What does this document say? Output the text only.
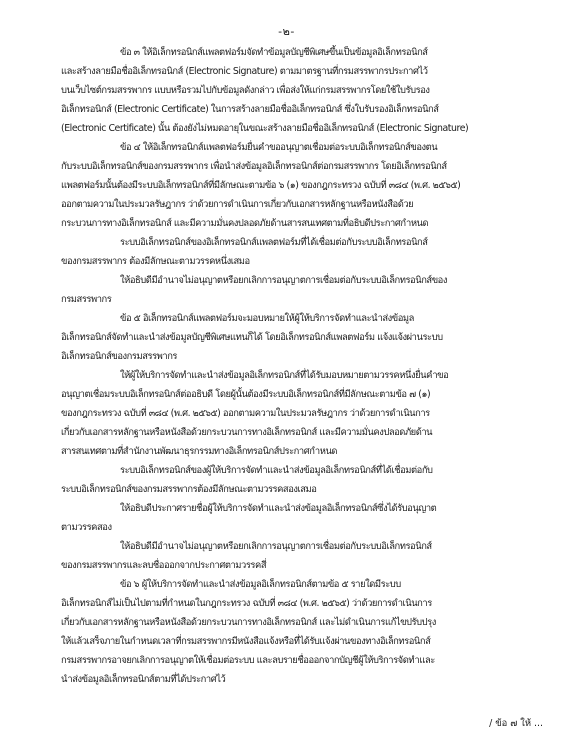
-๒-
ข้อ ๓ ให้อิเล็กทรอนิกส์แพลตฟอร์มจัดทำข้อมูลบัญชีพิเศษขึ้นเป็นข้อมูลอิเล็กทรอนิกส์
และสร้างลายมือชื่ออิเล็กทรอนิกส์ (Electronic Signature) ตามมาตรฐานที่กรมสรรพากรประกาศไว้
บนเว็บไซต์กรมสรรพากร แบบหรือรวมไปกับข้อมูลดังกล่าว เพื่อส่งให้แก่กรมสรรพากรโดยใช้ใบรับรอง
อิเล็กทรอนิกส์ (Electronic Certificate) ในการสร้างลายมือชื่ออิเล็กทรอนิกส์ ซึ่งใบรับรองอิเล็กทรอนิกส์
(Electronic Certificate) นั้น ต้องยังไม่หมดอายุในขณะสร้างลายมือชื่ออิเล็กทรอนิกส์ (Electronic Signature)
ข้อ ๔ ให้อิเล็กทรอนิกส์แพลตฟอร์มยื่นคำขออนุญาตเชื่อมต่อระบบอิเล็กทรอนิกส์ของตน
กับระบบอิเล็กทรอนิกส์ของกรมสรรพากร เพื่อนำส่งข้อมูลอิเล็กทรอนิกส์ต่อกรมสรรพากร โดยอิเล็กทรอนิกส์
แพลตฟอร์มนั้นต้องมีระบบอิเล็กทรอนิกส์ที่มีลักษณะตามข้อ ๖ (๑) ของกฎกระทรวง ฉบับที่ ๓๘๔ (พ.ศ. ๒๕๖๕)
ออกตามความในประมวลรัษฎากร ว่าด้วยการดำเนินการเกี่ยวกับเอกสารหลักฐานหรือหนังสือด้วย
กระบวนการทางอิเล็กทรอนิกส์ และมีความมั่นคงปลอดภัยด้านสารสนเทศตามที่อธิบดีประกาศกำหนด
ระบบอิเล็กทรอนิกส์ของอิเล็กทรอนิกส์แพลตฟอร์มที่ได้เชื่อมต่อกับระบบอิเล็กทรอนิกส์
ของกรมสรรพากร ต้องมีลักษณะตามวรรคหนึ่งเสมอ
ให้อธิบดีมีอำนาจไม่อนุญาตหรือยกเลิกการอนุญาตการเชื่อมต่อกับระบบอิเล็กทรอนิกส์ของ
กรมสรรพากร
ข้อ ๕ อิเล็กทรอนิกส์แพลตฟอร์มจะมอบหมายให้ผู้ให้บริการจัดทำและนำส่งข้อมูล
อิเล็กทรอนิกส์จัดทำและนำส่งข้อมูลบัญชีพิเศษแทนก็ได้ โดยอิเล็กทรอนิกส์แพลตฟอร์ม แจ้งแจ้งผ่านระบบ
อิเล็กทรอนิกส์ของกรมสรรพากร
ให้ผู้ให้บริการจัดทำและนำส่งข้อมูลอิเล็กทรอนิกส์ที่ได้รับมอบหมายตามวรรคหนึ่งยื่นคำขอ
อนุญาตเชื่อมระบบอิเล็กทรอนิกส์ต่ออธิบดี โดยผู้นั้นต้องมีระบบอิเล็กทรอนิกส์ที่มีลักษณะตามข้อ ๗ (๑)
ของกฎกระทรวง ฉบับที่ ๓๘๔ (พ.ศ. ๒๕๖๕) ออกตามความในประมวลรัษฎากร ว่าด้วยการดำเนินการ
เกี่ยวกับเอกสารหลักฐานหรือหนังสือด้วยกระบวนการทางอิเล็กทรอนิกส์ และมีความมั่นคงปลอดภัยด้าน
สารสนเทศตามที่สำนักงานพัฒนาธุรกรรมทางอิเล็กทรอนิกส์ประกาศกำหนด
ระบบอิเล็กทรอนิกส์ของผู้ให้บริการจัดทำและนำส่งข้อมูลอิเล็กทรอนิกส์ที่ได้เชื่อมต่อกับ
ระบบอิเล็กทรอนิกส์ของกรมสรรพากรต้องมีลักษณะตามวรรคสองเสมอ
ให้อธิบดีประกาศรายชื่อผู้ให้บริการจัดทำและนำส่งข้อมูลอิเล็กทรอนิกส์ซึ่งได้รับอนุญาต
ตามวรรคสอง
ให้อธิบดีมีอำนาจไม่อนุญาตหรือยกเลิกการอนุญาตการเชื่อมต่อกับระบบอิเล็กทรอนิกส์
ของกรมสรรพากรและลบชื่อออกจากประกาศตามวรรคสี่
ข้อ ๖ ผู้ให้บริการจัดทำและนำส่งข้อมูลอิเล็กทรอนิกส์ตามข้อ ๕ รายใดมีระบบ
อิเล็กทรอนิกส์ไม่เป็นไปตามที่กำหนดในกฎกระทรวง ฉบับที่ ๓๘๔ (พ.ศ. ๒๕๖๕) ว่าด้วยการดำเนินการ
เกี่ยวกับเอกสารหลักฐานหรือหนังสือด้วยกระบวนการทางอิเล็กทรอนิกส์ และไม่ดำเนินการแก้ไขปรับปรุง
ให้แล้วเสร็จภายในกำหนดเวลาที่กรมสรรพากรมีหนังสือแจ้งหรือที่ได้รับแจ้งผ่านของทางอิเล็กทรอนิกส์
กรมสรรพากรอาจยกเลิกการอนุญาตให้เชื่อมต่อระบบ และลบรายชื่อออกจากบัญชีผู้ให้บริการจัดทำและ
นำส่งข้อมูลอิเล็กทรอนิกส์ตามที่ได้ประกาศไว้
/ ข้อ ๗ ให้ ...
